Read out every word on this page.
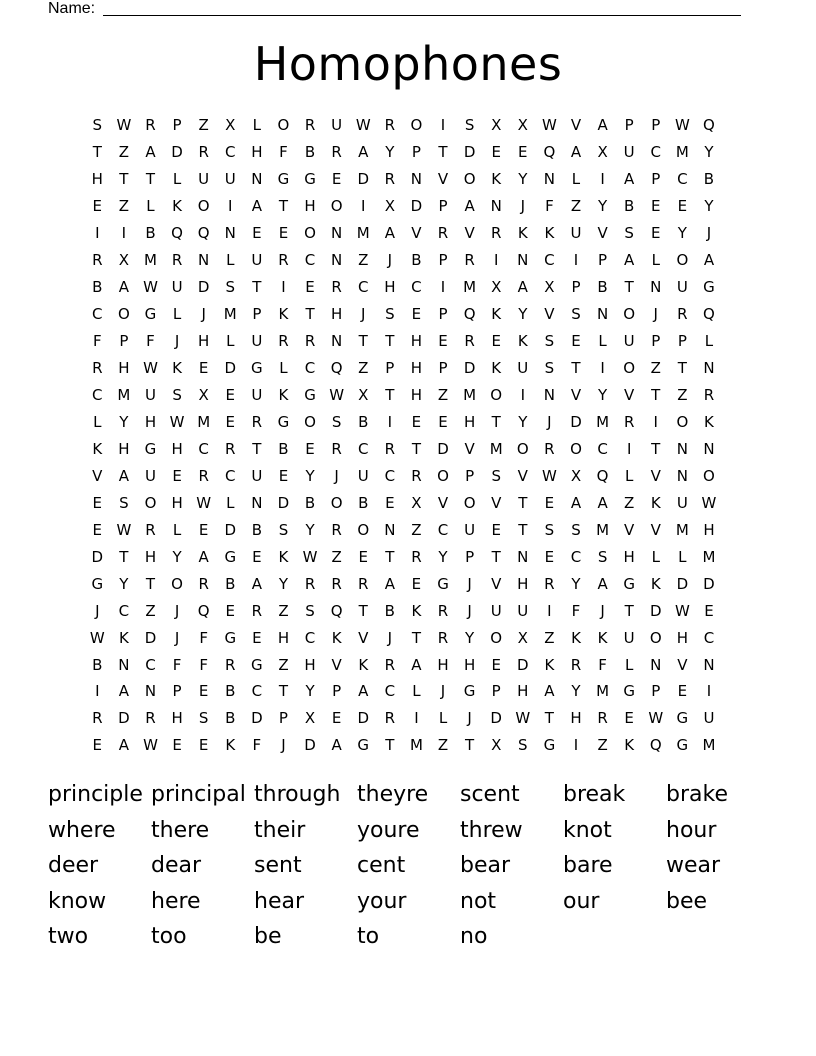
Name:
Homophones
S W R	P	Z	X	L	O	R	U W R	O	I	S	X	X W V	A	P	P W Q
T	Z	A	D	R	C	H	F	B	R	A	Y	P	T	D	E	E	Q	A	X	U	C M	Y
H	T	T	L	U	U	N	G G	E	D	R	N	V	O	K	Y	N	L	I	A	P	C	B
E	Z	L	K	O	I	A	T	H	O	I	X	D	P	A	N	J	F	Z	Y	B	E	E	Y
I	I	B	Q Q	N	E	E	O	N M A	V	R	V	R	K	K	U	V	S	E	Y	J
R	X M R	N	L	U	R	C	N	Z	J	B	P	R	I	N	C	I	P	A	L	O	A
B	A W U	D	S	T	I	E	R	C	H	C	I	M X	A	X	P	B	T	N	U	G
C	O G	L	J	M	P	K	T	H	J	S	E	P	Q	K	Y	V	S	N	O	J	R	Q
F	P	F	J	H	L	U	R	R	N	T	T	H	E	R	E	K	S	E	L	U	P	P	L
R	H W K	E	D	G	L	C	Q	Z	P	H	P	D	K	U	S	T	I	O	Z	T	N
C M U	S	X	E	U	K	G W X	T	H	Z M O	I	N	V	Y	V	T	Z	R
L	Y	H W M	E	R	G O	S	B	I	E	E	H	T	Y	J	D M R	I	O	K
K	H	G	H	C	R	T	B	E	R	C	R	T	D	V M O	R	O	C	I	T	N	N
V	A	U	E	R	C	U	E	Y	J	U	C	R	O	P	S	V W X	Q	L	V	N	O
E	S	O	H W L	N	D	B	O	B	E	X	V	O	V	T	E	A	A	Z	K	U W
E W R	L	E	D	B	S	Y	R	O	N	Z	C	U	E	T	S	S	M V	V M H
D	T	H	Y	A	G	E	K W Z	E	T	R	Y	P	T	N	E	C	S	H	L	L	M
G	Y	T	O	R	B	A	Y	R	R	R	A	E	G	J	V	H	R	Y	A	G	K	D	D
J	C	Z	J	Q	E	R	Z	S	Q	T	B	K	R	J	U	U	I	F	J	T	D W E
W K	D	J	F	G	E	H	C	K	V	J	T	R	Y	O	X	Z	K	K	U	O	H	C
B	N	C	F	F	R	G	Z	H	V	K	R	A	H	H	E	D	K	R	F	L	N	V	N
I	A	N	P	E	B	C	T	Y	P	A	C	L	J	G	P	H	A	Y	M G	P	E	I
R	D	R	H	S	B	D	P	X	E	D	R	I	L	J	D W T	H	R	E W G	U
E	A W E	E	K	F	J	D	A	G	T	M Z	T	X	S	G	I	Z	K	Q G M
principle principal through theyre	scent	break	brake
where	there	their	youre	threw	knot	hour
deer	dear	sent	cent	bear	bare	wear
know	here	hear	your	not	our	bee
two	too	be	to	no
